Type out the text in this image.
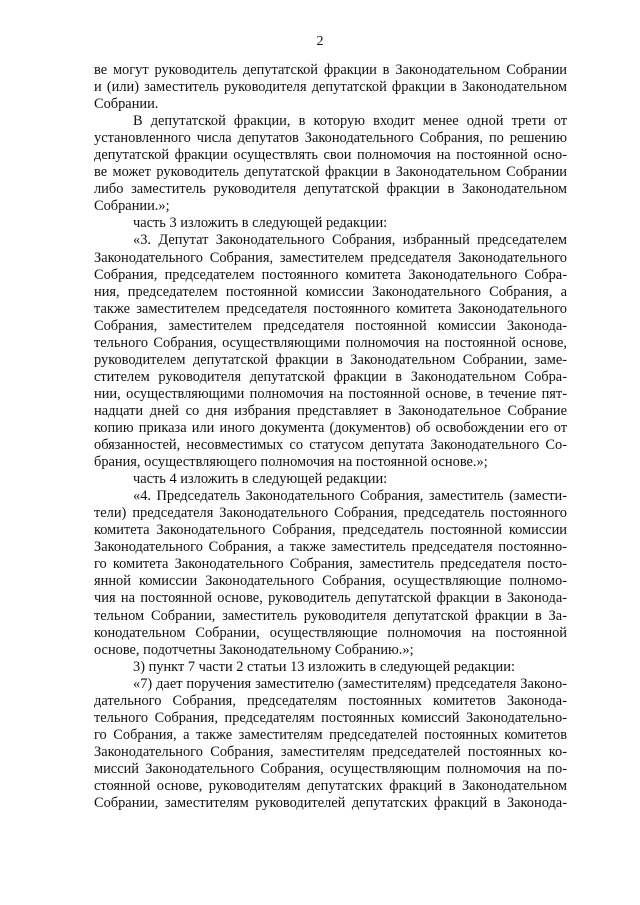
2
ве могут руководитель депутатской фракции в Законодательном Собрании
и (или) заместитель руководителя депутатской фракции в Законодательном
Собрании.
В депутатской фракции, в которую входит менее одной трети от
установленного числа депутатов Законодательного Собрания, по решению
депутатской фракции осуществлять свои полномочия на постоянной осно-
ве может руководитель депутатской фракции в Законодательном Собрании
либо заместитель руководителя депутатской фракции в Законодательном
Собрании.»;
часть 3 изложить в следующей редакции:
«3. Депутат Законодательного Собрания, избранный председателем
Законодательного Собрания, заместителем председателя Законодательного
Собрания, председателем постоянного комитета Законодательного Собра-
ния, председателем постоянной комиссии Законодательного Собрания, а
также заместителем председателя постоянного комитета Законодательного
Собрания, заместителем председателя постоянной комиссии Законода-
тельного Собрания, осуществляющими полномочия на постоянной основе,
руководителем депутатской фракции в Законодательном Собрании, заме-
стителем руководителя депутатской фракции в Законодательном Собра-
нии, осуществляющими полномочия на постоянной основе, в течение пят-
надцати дней со дня избрания представляет в Законодательное Собрание
копию приказа или иного документа (документов) об освобождении его от
обязанностей, несовместимых со статусом депутата Законодательного Со-
брания, осуществляющего полномочия на постоянной основе.»;
часть 4 изложить в следующей редакции:
«4. Председатель Законодательного Собрания, заместитель (замести-
тели) председателя Законодательного Собрания, председатель постоянного
комитета Законодательного Собрания, председатель постоянной комиссии
Законодательного Собрания, а также заместитель председателя постоянно-
го комитета Законодательного Собрания, заместитель председателя посто-
янной комиссии Законодательного Собрания, осуществляющие полномо-
чия на постоянной основе, руководитель депутатской фракции в Законода-
тельном Собрании, заместитель руководителя депутатской фракции в За-
конодательном Собрании, осуществляющие полномочия на постоянной
основе, подотчетны Законодательному Собранию.»;
3) пункт 7 части 2 статьи 13 изложить в следующей редакции:
«7) дает поручения заместителю (заместителям) председателя Законо-
дательного Собрания, председателям постоянных комитетов Законода-
тельного Собрания, председателям постоянных комиссий Законодательно-
го Собрания, а также заместителям председателей постоянных комитетов
Законодательного Собрания, заместителям председателей постоянных ко-
миссий Законодательного Собрания, осуществляющим полномочия на по-
стоянной основе, руководителям депутатских фракций в Законодательном
Собрании, заместителям руководителей депутатских фракций в Законода-
